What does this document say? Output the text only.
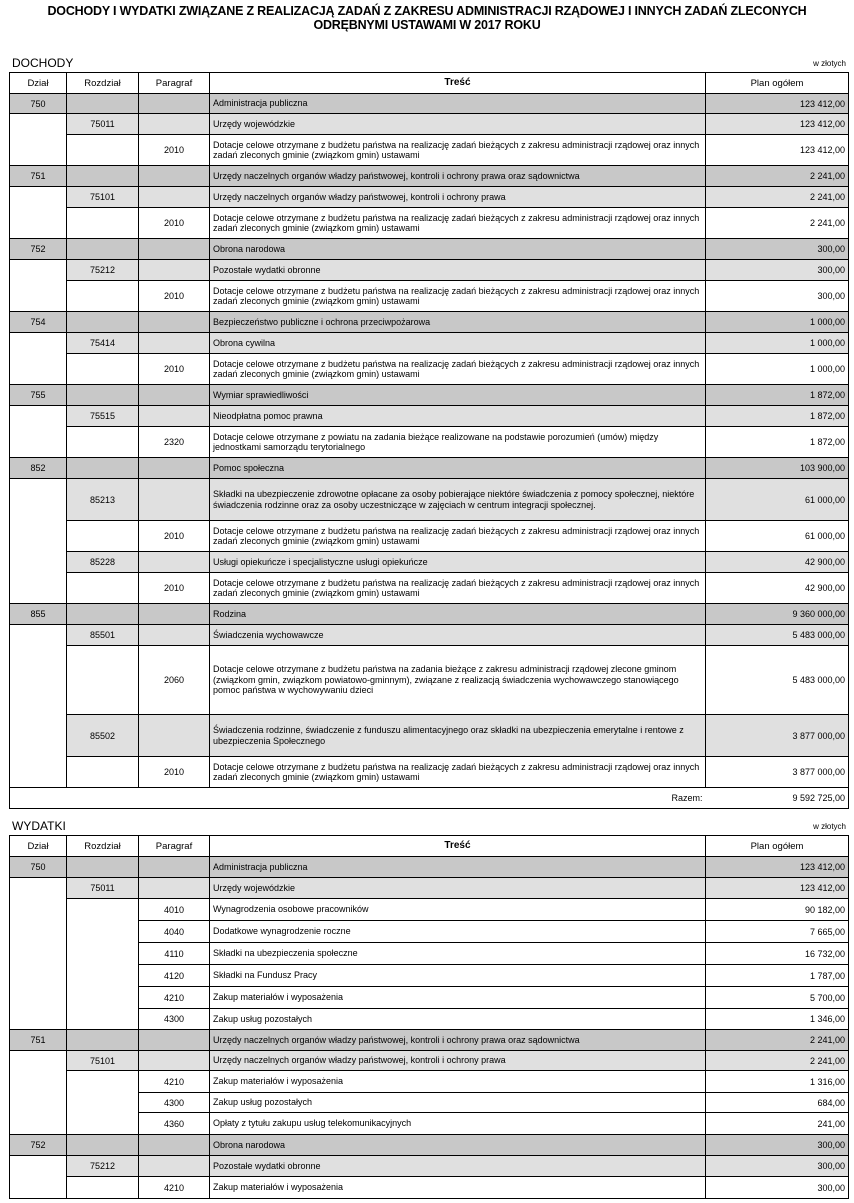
DOCHODY I WYDATKI ZWIĄZANE Z REALIZACJĄ ZADAŃ Z ZAKRESU ADMINISTRACJI RZĄDOWEJ I INNYCH ZADAŃ ZLECONYCH
ODRĘBNYMI USTAWAMI W 2017 ROKU
DOCHODY	w złotych
Dział	Rozdział	Paragraf	Treść	Plan ogółem
750			Administracja publiczna	123 412,00
	75011		Urzędy wojewódzkie	123 412,00
		2010	Dotacje celowe otrzymane z budżetu państwa na realizację zadań bieżących z zakresu administracji rządowej oraz innych zadań zleconych gminie (związkom gmin) ustawami	123 412,00
751			Urzędy naczelnych organów władzy państwowej, kontroli i ochrony prawa oraz sądownictwa	2 241,00
	75101		Urzędy naczelnych organów władzy państwowej, kontroli i ochrony prawa	2 241,00
		2010	Dotacje celowe otrzymane z budżetu państwa na realizację zadań bieżących z zakresu administracji rządowej oraz innych zadań zleconych gminie (związkom gmin) ustawami	2 241,00
752			Obrona narodowa	300,00
	75212		Pozostałe wydatki obronne	300,00
		2010	Dotacje celowe otrzymane z budżetu państwa na realizację zadań bieżących z zakresu administracji rządowej oraz innych zadań zleconych gminie (związkom gmin) ustawami	300,00
754			Bezpieczeństwo publiczne i ochrona przeciwpożarowa	1 000,00
	75414		Obrona cywilna	1 000,00
		2010	Dotacje celowe otrzymane z budżetu państwa na realizację zadań bieżących z zakresu administracji rządowej oraz innych zadań zleconych gminie (związkom gmin) ustawami	1 000,00
755			Wymiar sprawiedliwości	1 872,00
	75515		Nieodpłatna pomoc prawna	1 872,00
		2320	Dotacje celowe otrzymane z powiatu na zadania bieżące realizowane na podstawie porozumień (umów) między jednostkami samorządu terytorialnego	1 872,00
852			Pomoc społeczna	103 900,00
	85213		Składki na ubezpieczenie zdrowotne opłacane za osoby pobierające niektóre świadczenia z pomocy społecznej, niektóre świadczenia rodzinne oraz za osoby uczestniczące w zajęciach w centrum integracji społecznej.	61 000,00
		2010	Dotacje celowe otrzymane z budżetu państwa na realizację zadań bieżących z zakresu administracji rządowej oraz innych zadań zleconych gminie (związkom gmin) ustawami	61 000,00
	85228		Usługi opiekuńcze i specjalistyczne usługi opiekuńcze	42 900,00
		2010	Dotacje celowe otrzymane z budżetu państwa na realizację zadań bieżących z zakresu administracji rządowej oraz innych zadań zleconych gminie (związkom gmin) ustawami	42 900,00
855			Rodzina	9 360 000,00
	85501		Świadczenia wychowawcze	5 483 000,00
		2060	Dotacje celowe otrzymane z budżetu państwa na zadania bieżące z zakresu administracji rządowej zlecone gminom (związkom gmin, związkom powiatowo-gminnym), związane z realizacją świadczenia wychowawczego stanowiącego pomoc państwa w wychowywaniu dzieci	5 483 000,00
	85502		Świadczenia rodzinne, świadczenie z funduszu alimentacyjnego oraz składki na ubezpieczenia emerytalne i rentowe z ubezpieczenia Społecznego	3 877 000,00
		2010	Dotacje celowe otrzymane z budżetu państwa na realizację zadań bieżących z zakresu administracji rządowej oraz innych zadań zleconych gminie (związkom gmin) ustawami	3 877 000,00
Razem:				9 592 725,00
WYDATKI	w złotych
Dział	Rozdział	Paragraf	Treść	Plan ogółem
750			Administracja publiczna	123 412,00
	75011		Urzędy wojewódzkie	123 412,00
		4010	Wynagrodzenia osobowe pracowników	90 182,00
		4040	Dodatkowe wynagrodzenie roczne	7 665,00
		4110	Składki na ubezpieczenia społeczne	16 732,00
		4120	Składki na Fundusz Pracy	1 787,00
		4210	Zakup materiałów i wyposażenia	5 700,00
		4300	Zakup usług pozostałych	1 346,00
751			Urzędy naczelnych organów władzy państwowej, kontroli i ochrony prawa oraz sądownictwa	2 241,00
	75101		Urzędy naczelnych organów władzy państwowej, kontroli i ochrony prawa	2 241,00
		4210	Zakup materiałów i wyposażenia	1 316,00
		4300	Zakup usług pozostałych	684,00
		4360	Opłaty z tytułu zakupu usług telekomunikacyjnych	241,00
752			Obrona narodowa	300,00
	75212		Pozostałe wydatki obronne	300,00
		4210	Zakup materiałów i wyposażenia	300,00
